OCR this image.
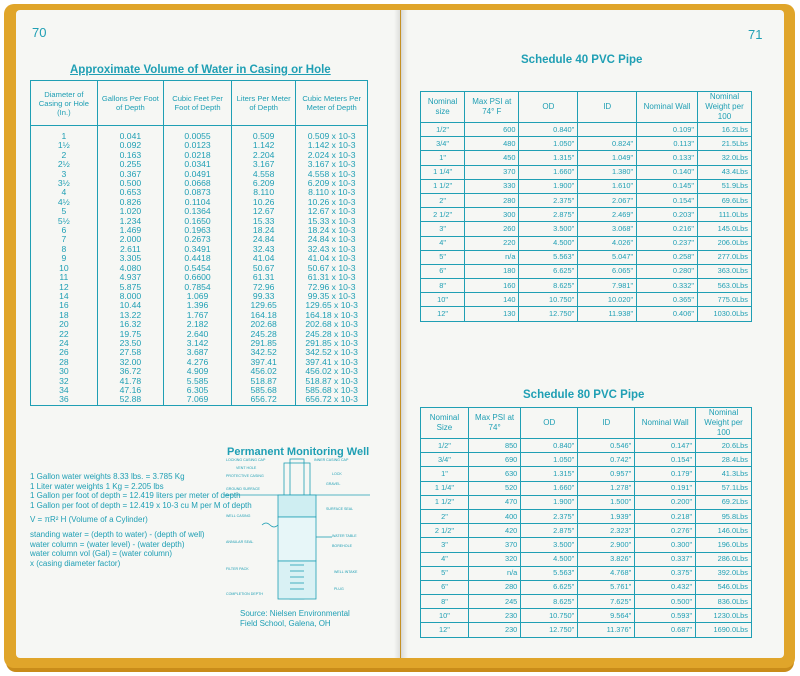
70
Approximate Volume of Water in Casing or Hole
Diameter of Casing or Hole (In.)	Gallons Per Foot of Depth	Cubic Feet Per Foot of Depth	Liters Per Meter of Depth	Cubic Meters Per Meter of Depth
1	0.041	0.0055	0.509	0.509 x 10-3
1½	0.092	0.0123	1.142	1.142 x 10-3
2	0.163	0.0218	2.204	2.024 x 10-3
2½	0.255	0.0341	3.167	3.167 x 10-3
3	0.367	0.0491	4.558	4.558 x 10-3
3½	0.500	0.0668	6.209	6.209 x 10-3
4	0.653	0.0873	8.110	8.110 x 10-3
4½	0.826	0.1104	10.26	10.26 x 10-3
5	1.020	0.1364	12.67	12.67 x 10-3
5½	1.234	0.1650	15.33	15.33 x 10-3
6	1.469	0.1963	18.24	18.24 x 10-3
7	2.000	0.2673	24.84	24.84 x 10-3
8	2.611	0.3491	32.43	32.43 x 10-3
9	3.305	0.4418	41.04	41.04 x 10-3
10	4.080	0.5454	50.67	50.67 x 10-3
11	4.937	0.6600	61.31	61.31 x 10-3
12	5.875	0.7854	72.96	72.96 x 10-3
14	8.000	1.069	99.33	99.35 x 10-3
16	10.44	1.396	129.65	129.65 x 10-3
18	13.22	1.767	164.18	164.18 x 10-3
20	16.32	2.182	202.68	202.68 x 10-3
22	19.75	2.640	245.28	245.28 x 10-3
24	23.50	3.142	291.85	291.85 x 10-3
26	27.58	3.687	342.52	342.52 x 10-3
28	32.00	4.276	397.41	397.41 x 10-3
30	36.72	4.909	456.02	456.02 x 10-3
32	41.78	5.585	518.87	518.87 x 10-3
34	47.16	6.305	585.68	585.68 x 10-3
36	52.88	7.069	656.72	656.72 x 10-3
Permanent Monitoring Well
1 Gallon water weights 8.33 lbs. = 3.785 Kg
1 Liter water weights 1 Kg = 2.205 lbs
1 Gallon per foot of depth = 12.419 liters per meter of depth
1 Gallon per foot of depth = 12.419 x 10-3 cu M per M of depth
V = πR² H (Volume of a Cylinder)
standing water = (depth to water) - (depth of well)
water column = (water level) - (water depth)
water column vol (Gal) = (water column)
x (casing diameter factor)
LOCKING CASING CAP
VENT HOLE
PROTECTIVE CASING
GROUND SURFACE
WELL CASING
ANNULAR SEAL
FILTER PACK
COMPLETION DEPTH
INNER CASING CAP
LOCK
GRAVEL
SURFACE SEAL
WATER TABLE
BOREHOLE
WELL INTAKE
PLUG
Source: Nielsen Environmental
Field School, Galena, OH
71
Schedule 40 PVC Pipe
Nominal size	Max PSI at 74° F	OD	ID	Nominal Wall	Nominal Weight per 100
1/2"	600	0.840"		0.109"	16.2Lbs
3/4"	480	1.050"	0.824"	0.113"	21.5Lbs
1"	450	1.315"	1.049"	0.133"	32.0Lbs
1 1/4"	370	1.660"	1.380"	0.140"	43.4Lbs
1 1/2"	330	1.900"	1.610"	0.145"	51.9Lbs
2"	280	2.375"	2.067"	0.154"	69.6Lbs
2 1/2"	300	2.875"	2.469"	0.203"	111.0Lbs
3"	260	3.500"	3.068"	0.216"	145.0Lbs
4"	220	4.500"	4.026"	0.237"	206.0Lbs
5"	n/a	5.563"	5.047"	0.258"	277.0Lbs
6"	180	6.625"	6.065"	0.280"	363.0Lbs
8"	160	8.625"	7.981"	0.332"	563.0Lbs
10"	140	10.750"	10.020"	0.365"	775.0Lbs
12"	130	12.750"	11.938"	0.406"	1030.0Lbs
Schedule 80 PVC Pipe
Nominal Size	Max PSI at 74°	OD	ID	Nominal Wall	Nominal Weight per 100
1/2"	850	0.840"	0.546"	0.147"	20.6Lbs
3/4"	690	1.050"	0.742"	0.154"	28.4Lbs
1"	630	1.315"	0.957"	0.179"	41.3Lbs
1 1/4"	520	1.660"	1.278"	0.191"	57.1Lbs
1 1/2"	470	1.900"	1.500"	0.200"	69.2Lbs
2"	400	2.375"	1.939"	0.218"	95.8Lbs
2 1/2"	420	2.875"	2.323"	0.276"	146.0Lbs
3"	370	3.500"	2.900"	0.300"	196.0Lbs
4"	320	4.500"	3.826"	0.337"	286.0Lbs
5"	n/a	5.563"	4.768"	0.375"	392.0Lbs
6"	280	6.625"	5.761"	0.432"	546.0Lbs
8"	245	8.625"	7.625"	0.500"	836.0Lbs
10"	230	10.750"	9.564"	0.593"	1230.0Lbs
12"	230	12.750"	11.376"	0.687"	1690.0Lbs
